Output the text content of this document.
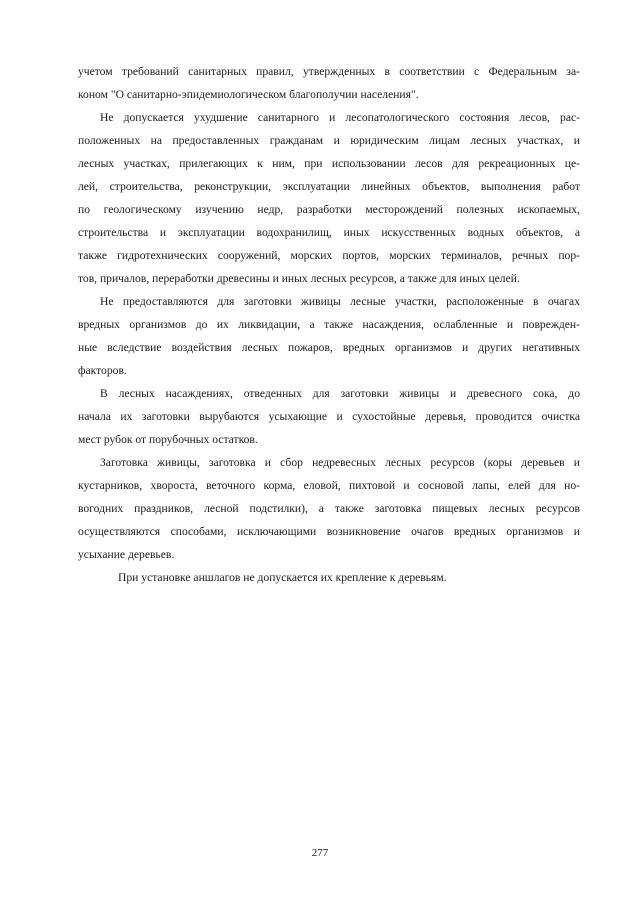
учетом требований санитарных правил, утвержденных в соответствии с Федеральным за-
коном "О санитарно-эпидемиологическом благополучии населения".
Не допускается ухудшение санитарного и лесопатологического состояния лесов, рас-
положенных на предоставленных гражданам и юридическим лицам лесных участках, и
лесных участках, прилегающих к ним, при использовании лесов для рекреационных це-
лей, строительства, реконструкции, эксплуатации линейных объектов, выполнения работ
по геологическому изучению недр, разработки месторождений полезных ископаемых,
строительства и эксплуатации водохранилищ, иных искусственных водных объектов, а
также гидротехнических сооружений, морских портов, морских терминалов, речных пор-
тов, причалов, переработки древесины и иных лесных ресурсов, а также для иных целей.
Не предоставляются для заготовки живицы лесные участки, расположенные в очагах
вредных организмов до их ликвидации, а также насаждения, ослабленные и поврежден-
ные вследствие воздействия лесных пожаров, вредных организмов и других негативных
факторов.
В лесных насаждениях, отведенных для заготовки живицы и древесного сока, до
начала их заготовки вырубаются усыхающие и сухостойные деревья, проводится очистка
мест рубок от порубочных остатков.
Заготовка живицы, заготовка и сбор недревесных лесных ресурсов (коры деревьев и
кустарников, хвороста, веточного корма, еловой, пихтовой и сосновой лапы, елей для но-
вогодних праздников, лесной подстилки), а также заготовка пищевых лесных ресурсов
осуществляются способами, исключающими возникновение очагов вредных организмов и
усыхание деревьев.
При установке аншлагов не допускается их крепление к деревьям.
277
